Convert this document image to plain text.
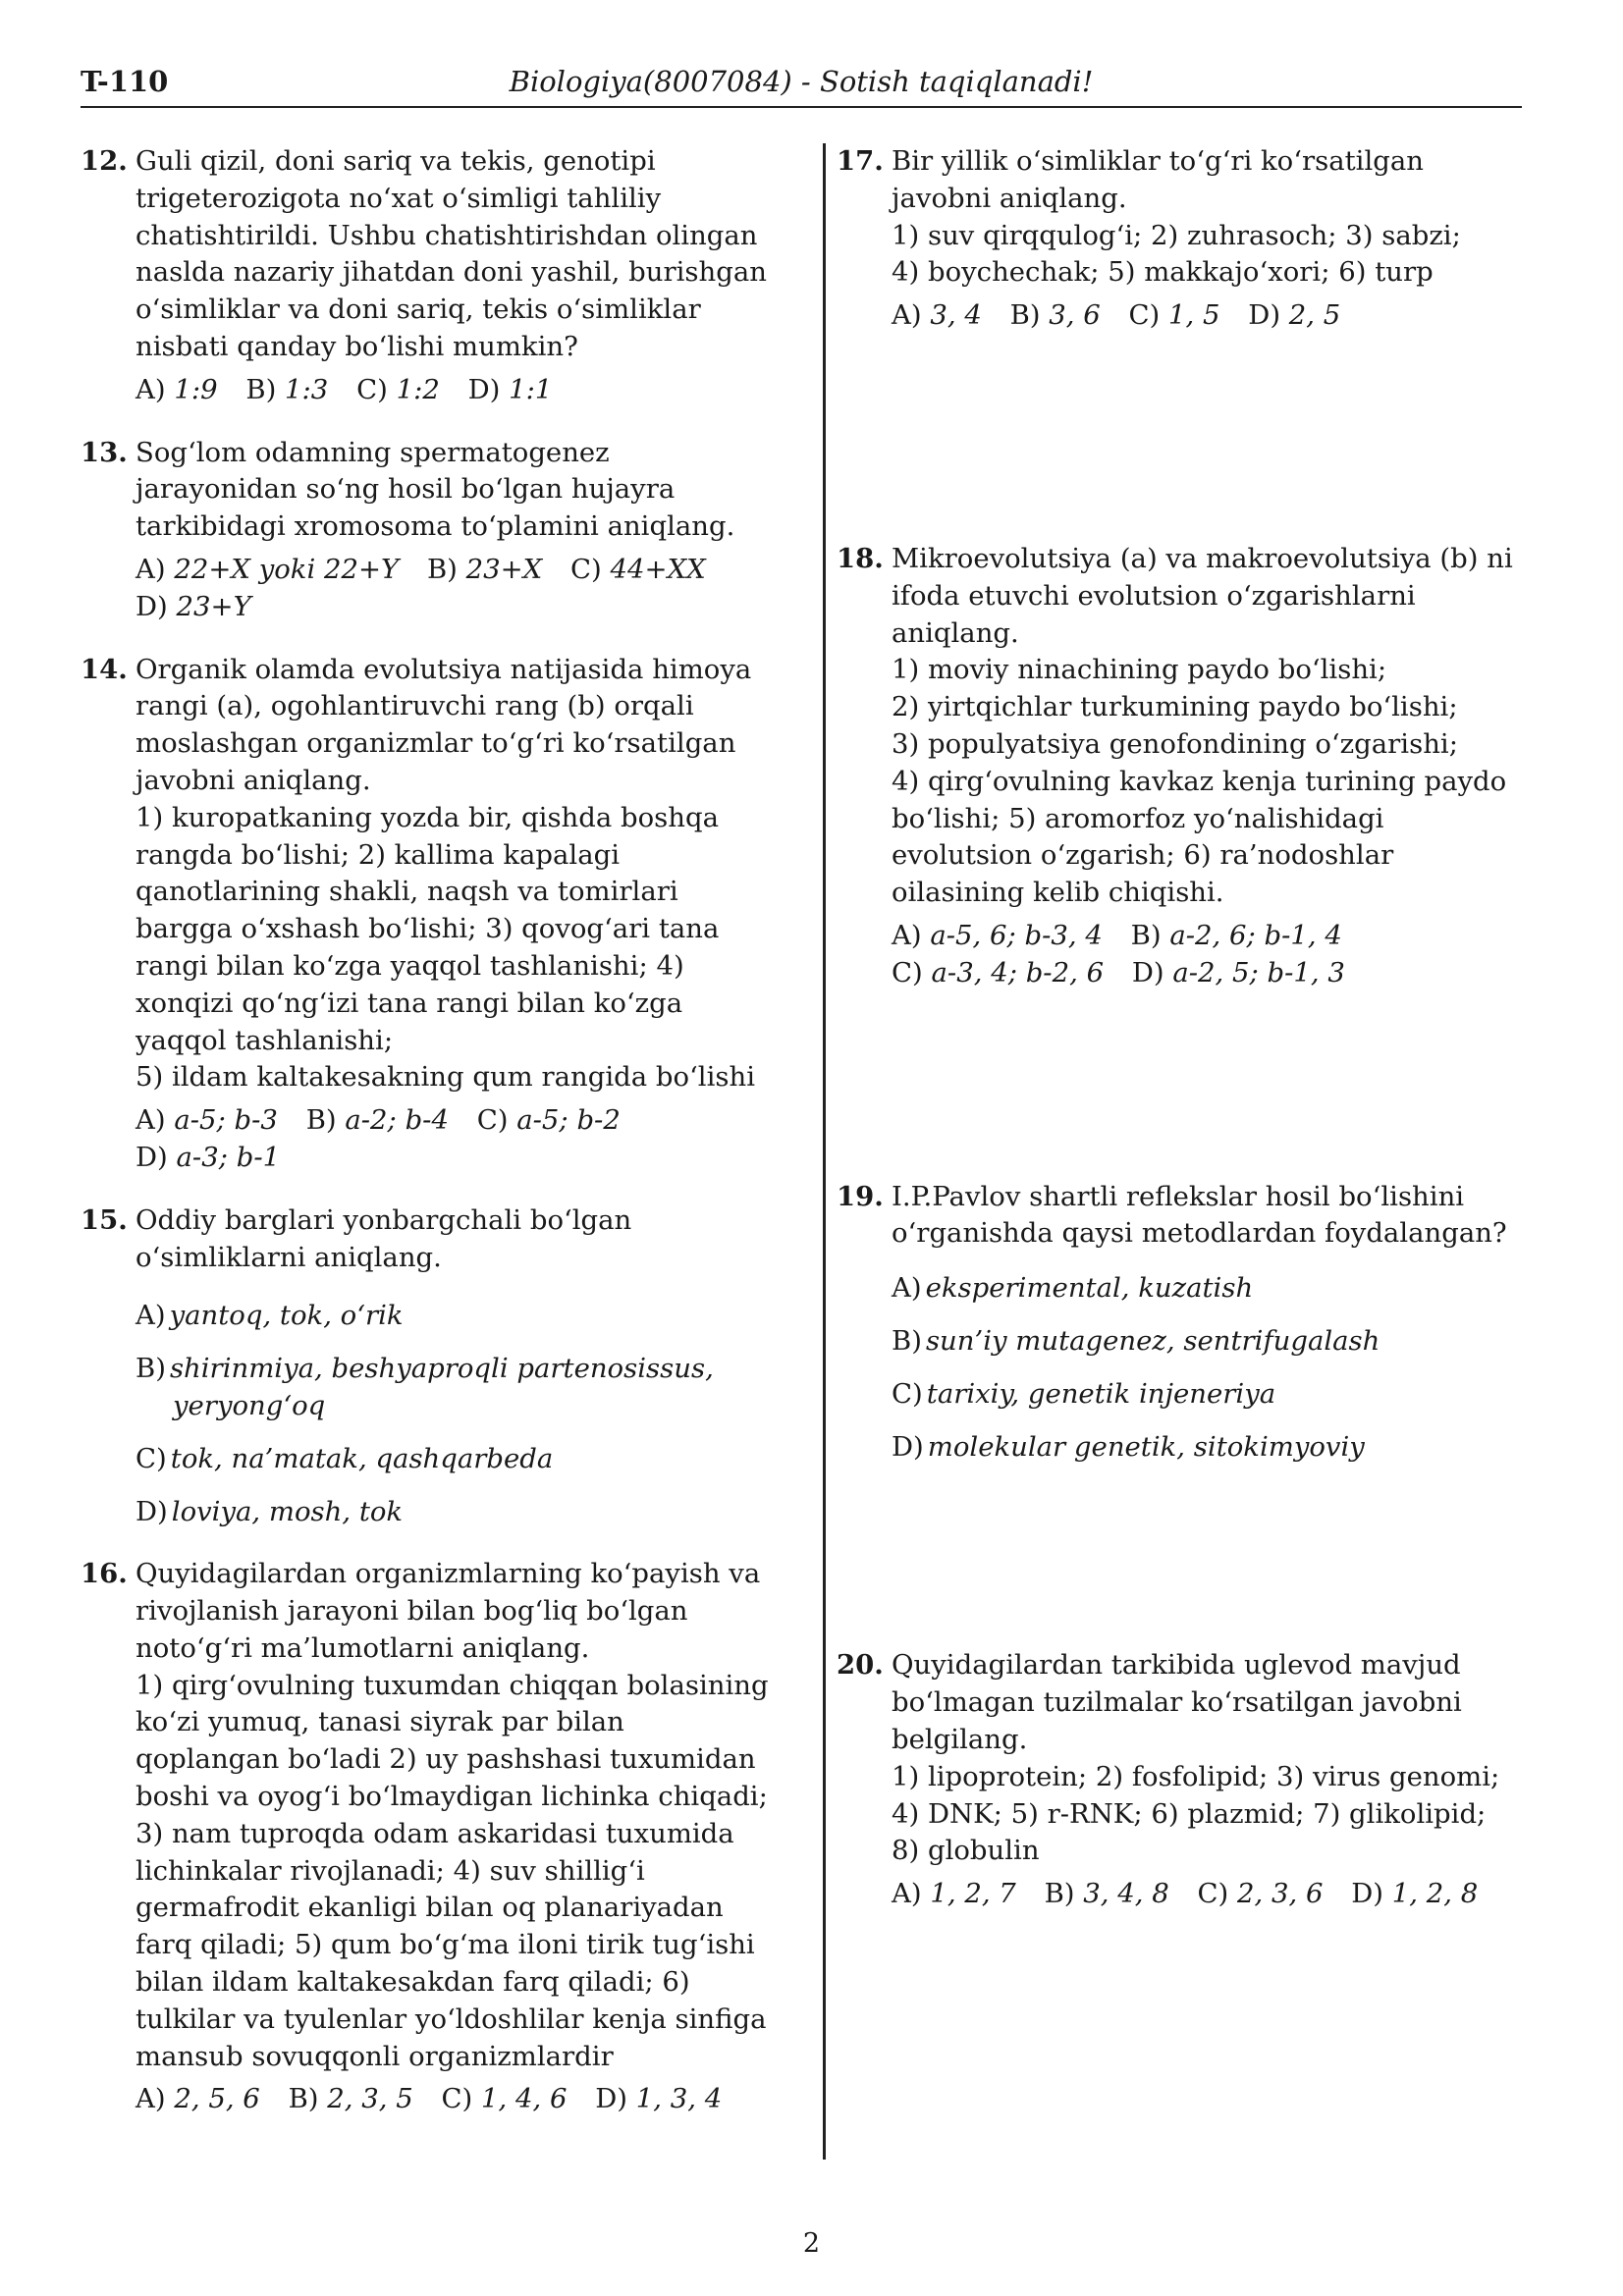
T-110	Biologiya(8007084) - Sotish taqiqlanadi!
12. Guli qizil, doni sariq va tekis, genotipi trigeterozigota no‘xat o‘simligi tahliliy chatishtirildi. Ushbu chatishtirishdan olingan naslda nazariy jihatdan doni yashil, burishgan o‘simliklar va doni sariq, tekis o‘simliklar nisbati qanday bo‘lishi mumkin?
A) 1:9 B) 1:3 C) 1:2 D) 1:1
13. Sog‘lom odamning spermatogenez jarayonidan so‘ng hosil bo‘lgan hujayra tarkibidagi xromosoma to‘plamini aniqlang.
A) 22+X yoki 22+Y B) 23+X C) 44+XX
D) 23+Y
14. Organik olamda evolutsiya natijasida himoya rangi (a), ogohlantiruvchi rang (b) orqali moslashgan organizmlar to‘g‘ri ko‘rsatilgan javobni aniqlang.
1) kuropatkaning yozda bir, qishda boshqa rangda bo‘lishi; 2) kallima kapalagi qanotlarining shakli, naqsh va tomirlari bargga o‘xshash bo‘lishi; 3) qovog‘ari tana rangi bilan ko‘zga yaqqol tashlanishi; 4) xonqizi qo‘ng‘izi tana rangi bilan ko‘zga yaqqol tashlanishi;
5) ildam kaltakesakning qum rangida bo‘lishi
A) a-5; b-3 B) a-2; b-4 C) a-5; b-2
D) a-3; b-1
15. Oddiy barglari yonbargchali bo‘lgan o‘simliklarni aniqlang.
A) yantoq, tok, o‘rik
B) shirinmiya, beshyaproqli partenosissus, yeryong‘oq
C) tok, na’matak, qashqarbeda
D) loviya, mosh, tok
16. Quyidagilardan organizmlarning ko‘payish va rivojlanish jarayoni bilan bog‘liq bo‘lgan noto‘g‘ri ma’lumotlarni aniqlang.
1) qirg‘ovulning tuxumdan chiqqan bolasining ko‘zi yumuq, tanasi siyrak par bilan qoplangan bo‘ladi 2) uy pashshasi tuxumidan boshi va oyog‘i bo‘lmaydigan lichinka chiqadi; 3) nam tuproqda odam askaridasi tuxumida lichinkalar rivojlanadi; 4) suv shillig‘i germafrodit ekanligi bilan oq planariyadan farq qiladi; 5) qum bo‘g‘ma iloni tirik tug‘ishi bilan ildam kaltakesakdan farq qiladi; 6) tulkilar va tyulenlar yo‘ldoshlilar kenja sinfiga mansub sovuqqonli organizmlardir
A) 2, 5, 6 B) 2, 3, 5 C) 1, 4, 6 D) 1, 3, 4
17. Bir yillik o‘simliklar to‘g‘ri ko‘rsatilgan javobni aniqlang.
1) suv qirqqulog‘i; 2) zuhrasoch; 3) sabzi;
4) boychechak; 5) makkajo‘xori; 6) turp
A) 3, 4 B) 3, 6 C) 1, 5 D) 2, 5
18. Mikroevolutsiya (a) va makroevolutsiya (b) ni ifoda etuvchi evolutsion o‘zgarishlarni aniqlang.
1) moviy ninachining paydo bo‘lishi;
2) yirtqichlar turkumining paydo bo‘lishi;
3) populyatsiya genofondining o‘zgarishi;
4) qirg‘ovulning kavkaz kenja turining paydo bo‘lishi; 5) aromorfoz yo‘nalishidagi evolutsion o‘zgarish; 6) ra’nodoshlar oilasining kelib chiqishi.
A) a-5, 6; b-3, 4 B) a-2, 6; b-1, 4
C) a-3, 4; b-2, 6 D) a-2, 5; b-1, 3
19. I.P.Pavlov shartli reflekslar hosil bo‘lishini o‘rganishda qaysi metodlardan foydalangan?
A) eksperimental, kuzatish
B) sun’iy mutagenez, sentrifugalash
C) tarixiy, genetik injeneriya
D) molekular genetik, sitokimyoviy
20. Quyidagilardan tarkibida uglevod mavjud bo‘lmagan tuzilmalar ko‘rsatilgan javobni belgilang.
1) lipoprotein; 2) fosfolipid; 3) virus genomi;
4) DNK; 5) r-RNK; 6) plazmid; 7) glikolipid;
8) globulin
A) 1, 2, 7 B) 3, 4, 8 C) 2, 3, 6 D) 1, 2, 8
2
